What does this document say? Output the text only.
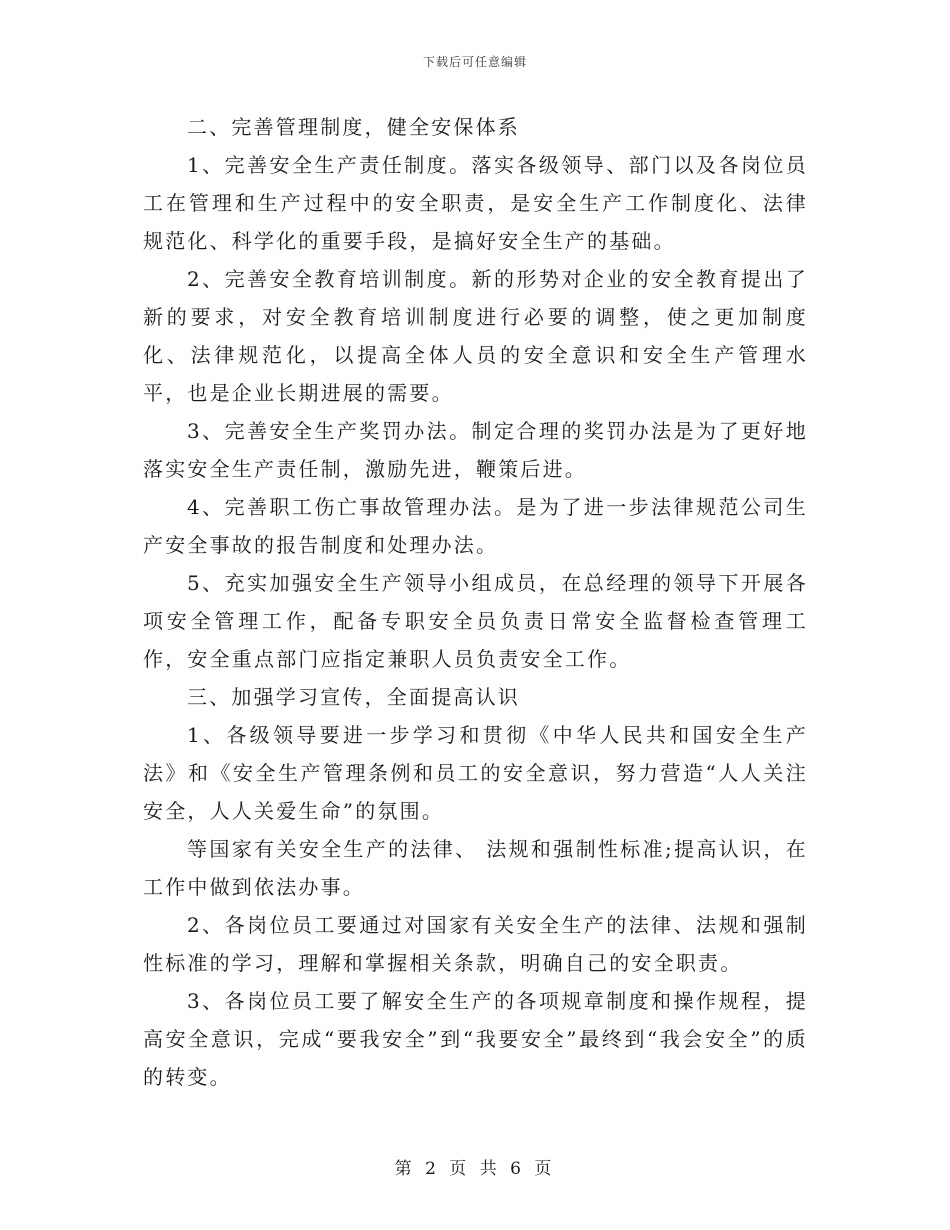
下载后可任意编辑

二、完善管理制度，健全安保体系

1、完善安全生产责任制度。落实各级领导、部门以及各岗位员工在管理和生产过程中的安全职责，是安全生产工作制度化、法律规范化、科学化的重要手段，是搞好安全生产的基础。

2、完善安全教育培训制度。新的形势对企业的安全教育提出了新的要求，对安全教育培训制度进行必要的调整，使之更加制度化、法律规范化，以提高全体人员的安全意识和安全生产管理水平，也是企业长期进展的需要。

3、完善安全生产奖罚办法。制定合理的奖罚办法是为了更好地落实安全生产责任制，激励先进，鞭策后进。

4、完善职工伤亡事故管理办法。是为了进一步法律规范公司生产安全事故的报告制度和处理办法。

5、充实加强安全生产领导小组成员，在总经理的领导下开展各项安全管理工作，配备专职安全员负责日常安全监督检查管理工作，安全重点部门应指定兼职人员负责安全工作。

三、加强学习宣传，全面提高认识

1、各级领导要进一步学习和贯彻《中华人民共和国安全生产法》和《安全生产管理条例和员工的安全意识，努力营造“人人关注安全，人人关爱生命”的氛围。

等国家有关安全生产的法律、 法规和强制性标准;提高认识，在工作中做到依法办事。

2、各岗位员工要通过对国家有关安全生产的法律、法规和强制性标准的学习，理解和掌握相关条款，明确自己的安全职责。

3、各岗位员工要了解安全生产的各项规章制度和操作规程，提高安全意识，完成“要我安全”到“我要安全”最终到“我会安全”的质的转变。

第 2 页 共 6 页
